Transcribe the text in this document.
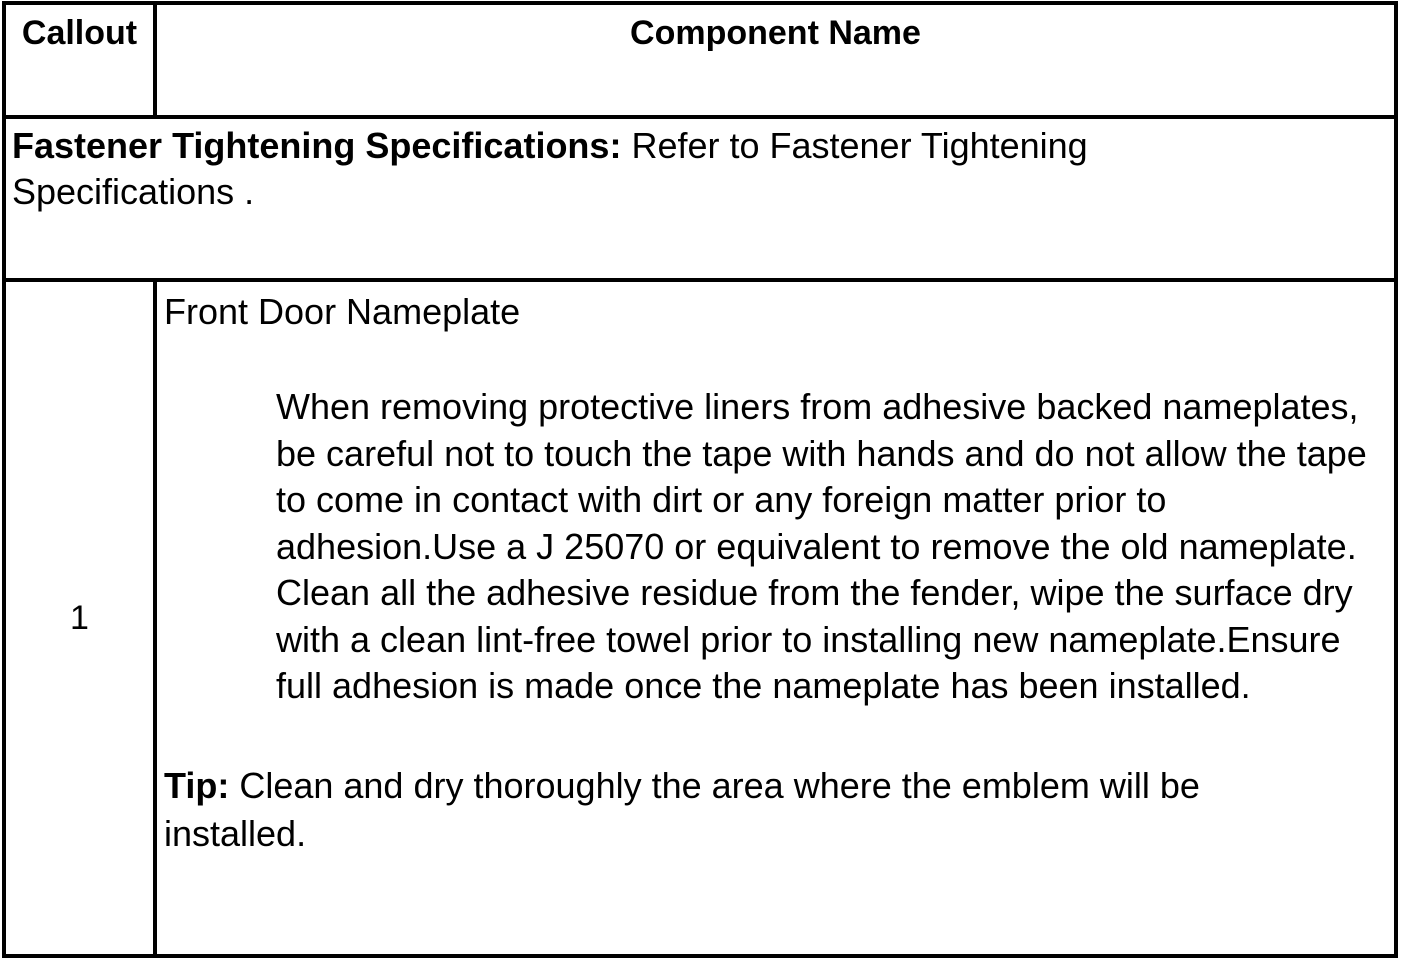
Callout	Component Name

Fastener Tightening Specifications: Refer to Fastener Tightening Specifications .	

1	Front Door Nameplate
When removing protective liners from adhesive backed nameplates, be careful not to touch the tape with hands and do not allow the tape to come in contact with dirt or any foreign matter prior to adhesion.Use a J 25070 or equivalent to remove the old nameplate. Clean all the adhesive residue from the fender, wipe the surface dry with a clean lint-free towel prior to installing new nameplate.Ensure full adhesion is made once the nameplate has been installed.
Tip: Clean and dry thoroughly the area where the emblem will be installed.
